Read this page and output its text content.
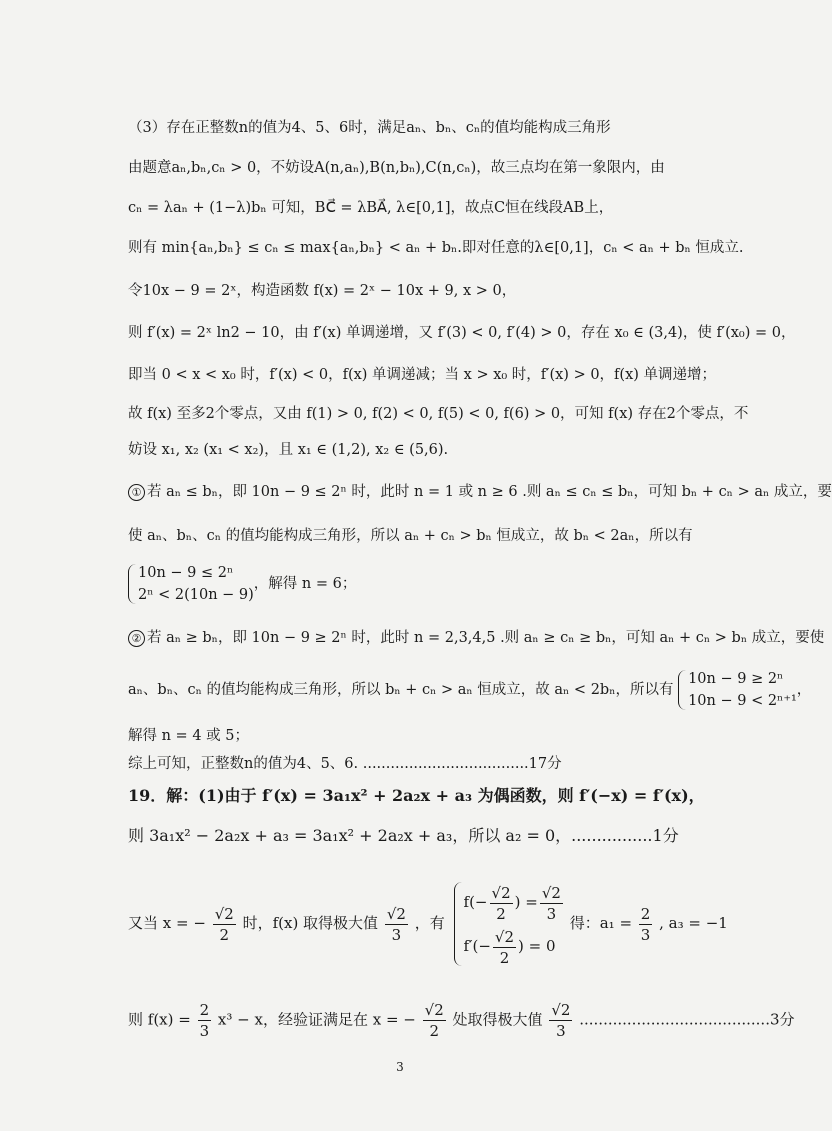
（3）存在正整数n的值为4、5、6时，满足aₙ、bₙ、cₙ的值均能构成三角形
由题意aₙ,bₙ,cₙ > 0，不妨设A(n,aₙ),B(n,bₙ),C(n,cₙ)，故三点均在第一象限内，由
cₙ = λaₙ + (1−λ)bₙ 可知，BC⃗ = λBA⃗, λ∈[0,1]，故点C恒在线段AB上，
则有 min{aₙ,bₙ} ≤ cₙ ≤ max{aₙ,bₙ} < aₙ + bₙ.即对任意的λ∈[0,1]，cₙ < aₙ + bₙ 恒成立.
令10x − 9 = 2ˣ，构造函数 f(x) = 2ˣ − 10x + 9, x > 0，
则 f′(x) = 2ˣ ln2 − 10，由 f′(x) 单调递增，又 f′(3) < 0, f′(4) > 0，存在 x₀ ∈ (3,4)，使 f′(x₀) = 0，
即当 0 < x < x₀ 时，f′(x) < 0，f(x) 单调递减；当 x > x₀ 时，f′(x) > 0，f(x) 单调递增；
故 f(x) 至多2个零点，又由 f(1) > 0, f(2) < 0, f(5) < 0, f(6) > 0，可知 f(x) 存在2个零点，不
妨设 x₁, x₂ (x₁ < x₂)，且 x₁ ∈ (1,2), x₂ ∈ (5,6).
① 若 aₙ ≤ bₙ，即 10n − 9 ≤ 2ⁿ 时，此时 n = 1 或 n ≥ 6 .则 aₙ ≤ cₙ ≤ bₙ，可知 bₙ + cₙ > aₙ 成立，要
使 aₙ、bₙ、cₙ 的值均能构成三角形，所以 aₙ + cₙ > bₙ 恒成立，故 bₙ < 2aₙ，所以有
10n − 9 ≤ 2ⁿ
2ⁿ < 2(10n − 9)
，解得 n = 6；
② 若 aₙ ≥ bₙ，即 10n − 9 ≥ 2ⁿ 时，此时 n = 2,3,4,5 .则 aₙ ≥ cₙ ≥ bₙ，可知 aₙ + cₙ > bₙ 成立，要使
aₙ、bₙ、cₙ 的值均能构成三角形，所以 bₙ + cₙ > aₙ 恒成立，故 aₙ < 2bₙ，所以有
10n − 9 ≥ 2ⁿ
10n − 9 < 2ⁿ⁺¹
，
解得 n = 4 或 5；
综上可知，正整数n的值为4、5、6. ....................................17分
19．解：(1)由于 f′(x) = 3a₁x² + 2a₂x + a₃ 为偶函数，则 f′(−x) = f′(x)，
则 3a₁x² − 2a₂x + a₃ = 3a₁x² + 2a₂x + a₃，所以 a₂ = 0，................1分
又当 x = − $\frac{√2}{2}$ 时，f(x) 取得极大值 $\frac{√2}{3}$ ，有
$f(- \frac{√2}{2}$ ) = $\frac{√2}{3}$
$f'(- \frac{√2}{2}$ ) = 0
得：$a_1 = \frac{2}{3}$ , a₃ = −1
则 $f(x) = \frac{2}{3} x^3 - x$，经验证满足在 x = − $\frac{√2}{2}$ 处取得极大值 $\frac{√2}{3} ........................................3$分
3
